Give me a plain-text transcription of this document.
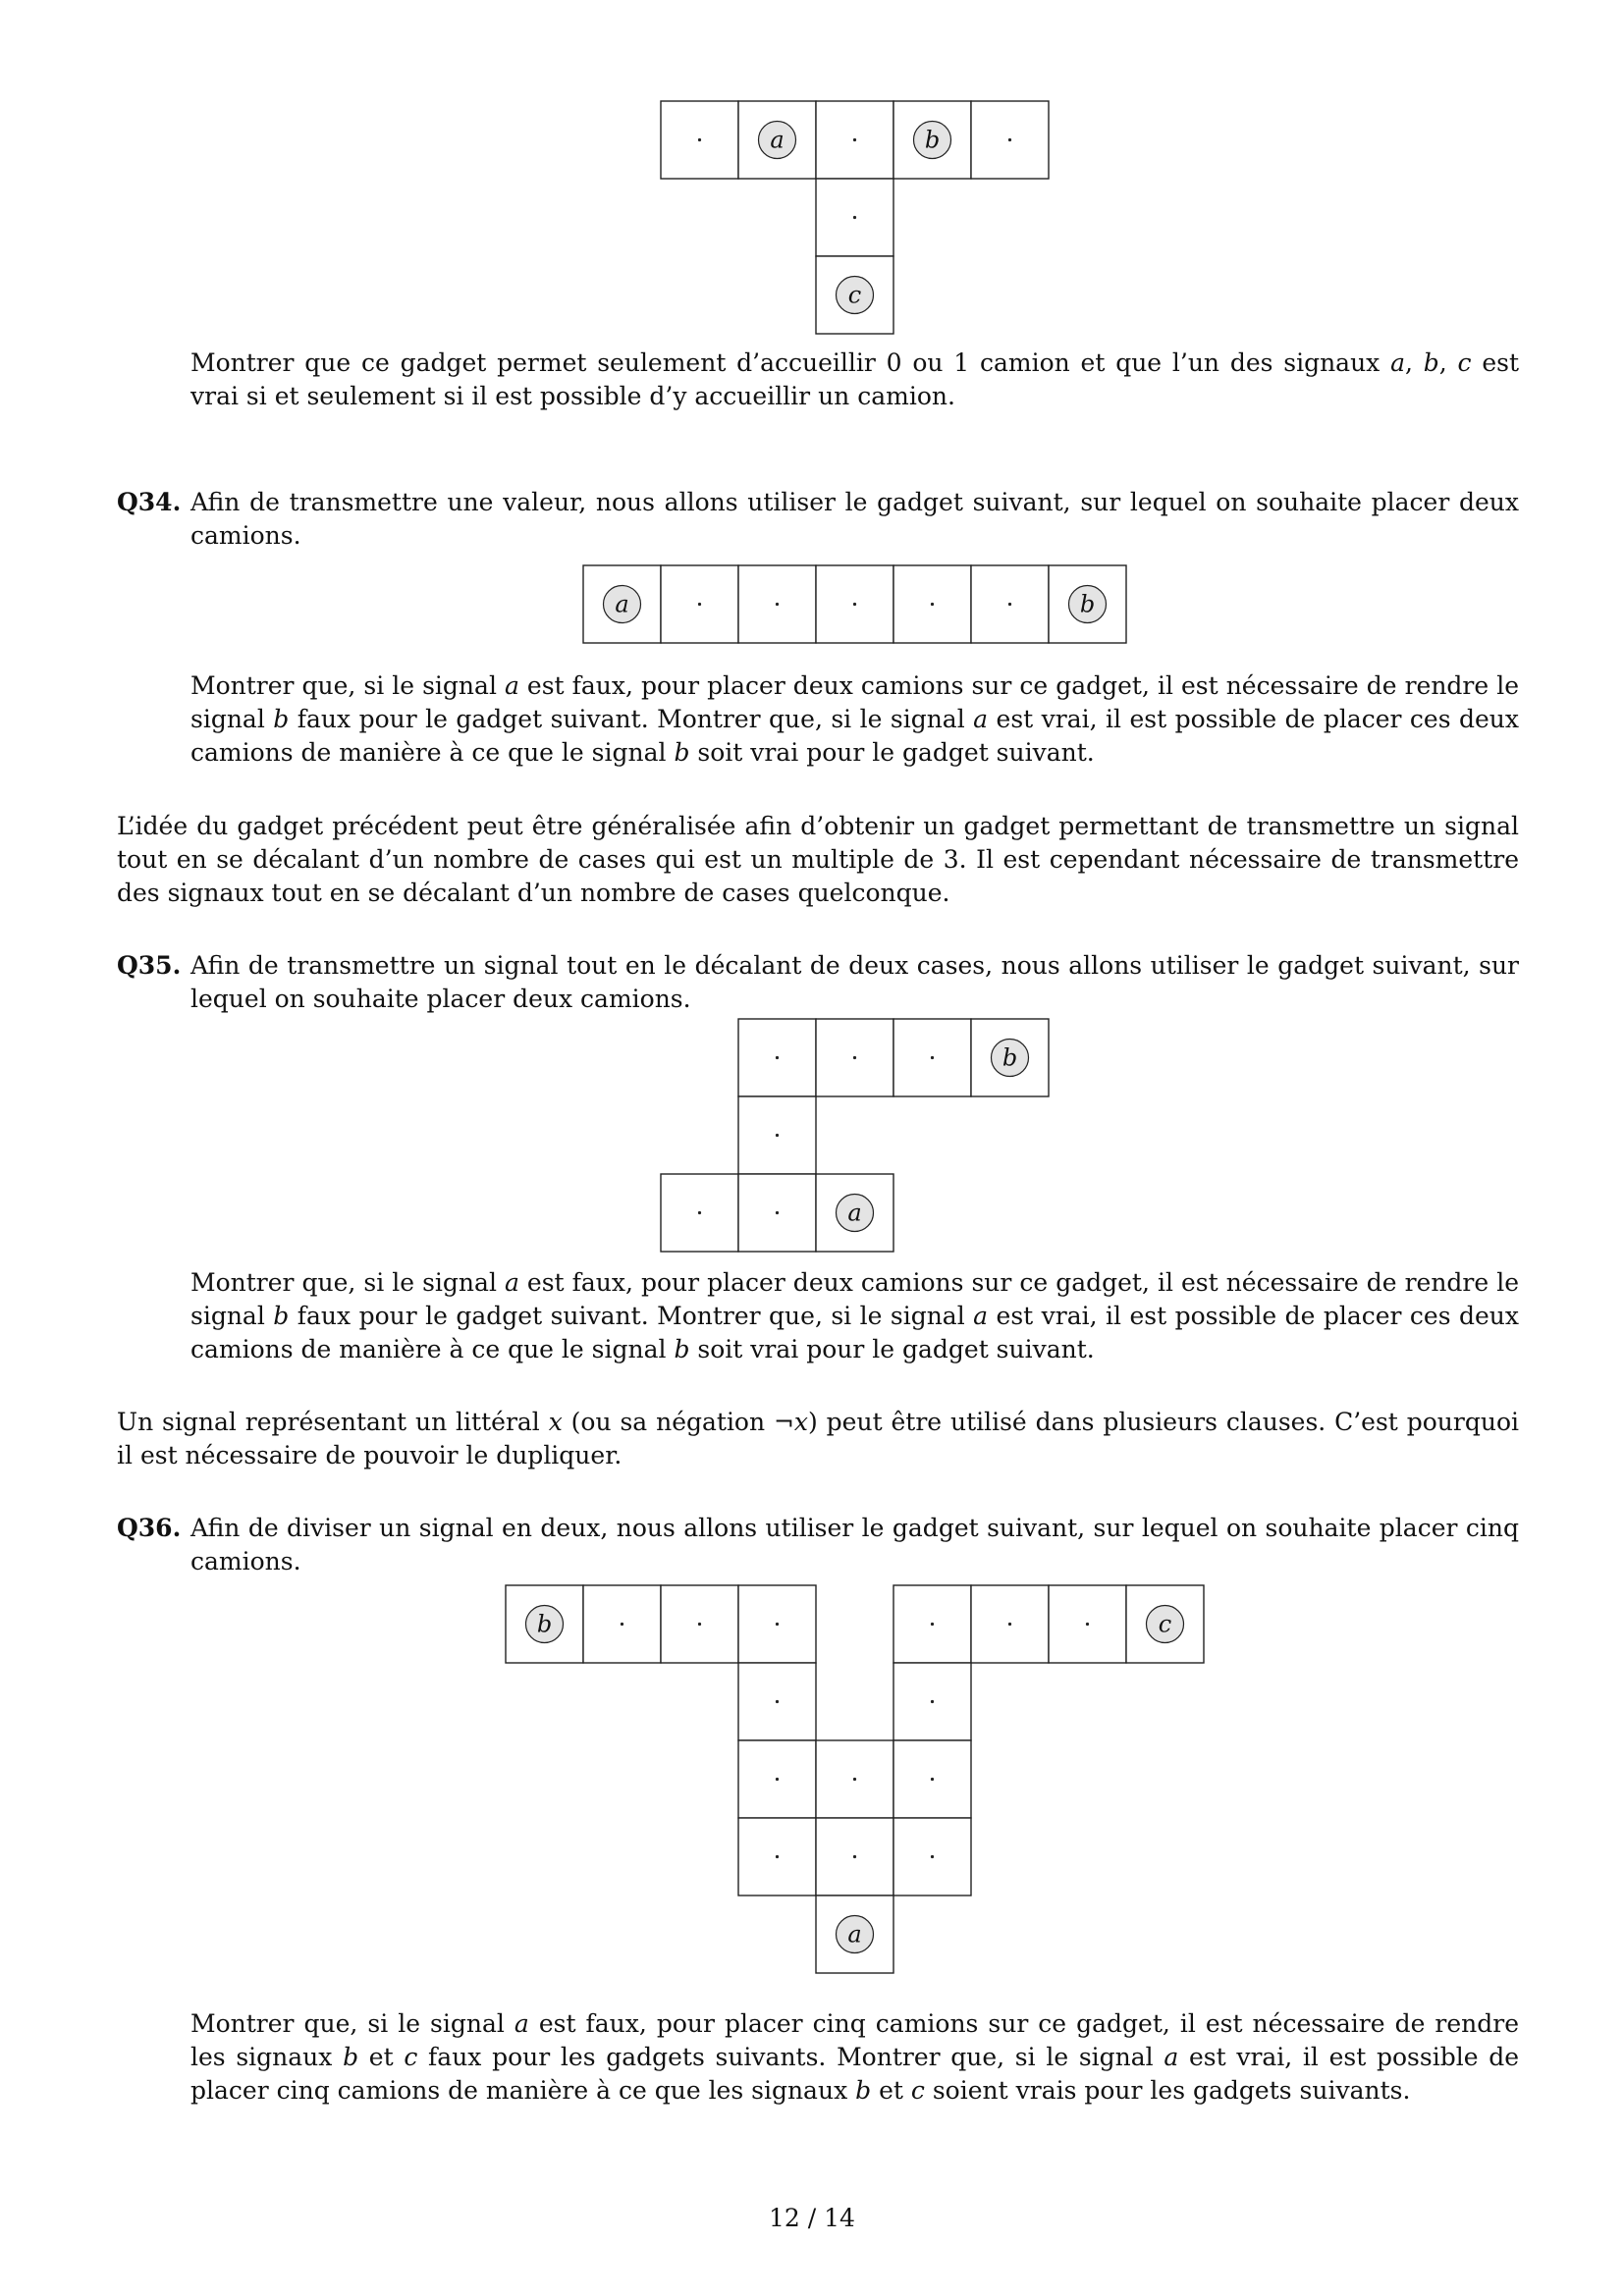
a	b
c

Montrer que ce gadget permet seulement d’accueillir 0 ou 1 camion et que l’un des signaux a, b, c est vrai si et seulement si il est possible d’y accueillir un camion.

Q34. Afin de transmettre une valeur, nous allons utiliser le gadget suivant, sur lequel on souhaite placer deux camions.
a	b

Montrer que, si le signal a est faux, pour placer deux camions sur ce gadget, il est nécessaire de rendre le signal b faux pour le gadget suivant. Montrer que, si le signal a est vrai, il est possible de placer ces deux camions de manière à ce que le signal b soit vrai pour le gadget suivant.

L’idée du gadget précédent peut être généralisée afin d’obtenir un gadget permettant de transmettre un signal tout en se décalant d’un nombre de cases qui est un multiple de 3. Il est cependant nécessaire de transmettre des signaux tout en se décalant d’un nombre de cases quelconque.

Q35. Afin de transmettre un signal tout en le décalant de deux cases, nous allons utiliser le gadget suivant, sur lequel on souhaite placer deux camions.
b
a

Montrer que, si le signal a est faux, pour placer deux camions sur ce gadget, il est nécessaire de rendre le signal b faux pour le gadget suivant. Montrer que, si le signal a est vrai, il est possible de placer ces deux camions de manière à ce que le signal b soit vrai pour le gadget suivant.

Un signal représentant un littéral x (ou sa négation ¬x) peut être utilisé dans plusieurs clauses. C’est pourquoi il est nécessaire de pouvoir le dupliquer.

Q36. Afin de diviser un signal en deux, nous allons utiliser le gadget suivant, sur lequel on souhaite placer cinq camions.
b	c
a

Montrer que, si le signal a est faux, pour placer cinq camions sur ce gadget, il est nécessaire de rendre les signaux b et c faux pour les gadgets suivants. Montrer que, si le signal a est vrai, il est possible de placer cinq camions de manière à ce que les signaux b et c soient vrais pour les gadgets suivants.

12 / 14
